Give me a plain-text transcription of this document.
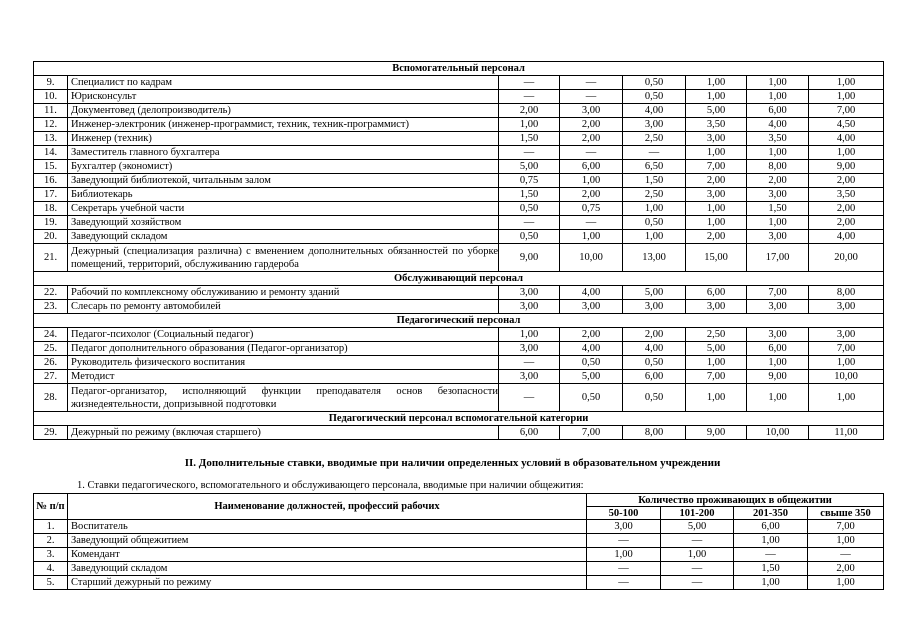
Вспомогательный персонал							
9.	Специалист по кадрам	—	—	0,50	1,00	1,00	1,00
10.	Юрисконсульт	—	—	0,50	1,00	1,00	1,00
11.	Документовед (делопроизводитель)	2,00	3,00	4,00	5,00	6,00	7,00
12.	Инженер-электроник (инженер-программист, техник, техник-программист)	1,00	2,00	3,00	3,50	4,00	4,50
13.	Инженер (техник)	1,50	2,00	2,50	3,00	3,50	4,00
14.	Заместитель главного бухгалтера	—	—	—	1,00	1,00	1,00
15.	Бухгалтер (экономист)	5,00	6,00	6,50	7,00	8,00	9,00
16.	Заведующий библиотекой, читальным залом	0,75	1,00	1,50	2,00	2,00	2,00
17.	Библиотекарь	1,50	2,00	2,50	3,00	3,00	3,50
18.	Секретарь учебной части	0,50	0,75	1,00	1,00	1,50	2,00
19.	Заведующий хозяйством	—	—	0,50	1,00	1,00	2,00
20.	Заведующий складом	0,50	1,00	1,00	2,00	3,00	4,00
21.	Дежурный (специализация различна) с вменением дополнительных обязанностей по уборке помещений, территорий, обслуживанию гардероба	9,00	10,00	13,00	15,00	17,00	20,00
Обслуживающий персонал							
22.	Рабочий по комплексному обслуживанию и ремонту зданий	3,00	4,00	5,00	6,00	7,00	8,00
23.	Слесарь по ремонту автомобилей	3,00	3,00	3,00	3,00	3,00	3,00
Педагогический персонал							
24.	Педагог-психолог (Социальный педагог)	1,00	2,00	2,00	2,50	3,00	3,00
25.	Педагог дополнительного образования (Педагог-организатор)	3,00	4,00	4,00	5,00	6,00	7,00
26.	Руководитель физического воспитания	—	0,50	0,50	1,00	1,00	1,00
27.	Методист	3,00	5,00	6,00	7,00	9,00	10,00
28.	Педагог-организатор, исполняющий функции преподавателя основ безопасности жизнедеятельности, допризывной подготовки	—	0,50	0,50	1,00	1,00	1,00
Педагогический персонал вспомогательной категории							
29.	Дежурный по режиму (включая старшего)	6,00	7,00	8,00	9,00	10,00	11,00
II. Дополнительные ставки, вводимые при наличии определенных условий в образовательном учреждении
1. Ставки педагогического, вспомогательного и обслуживающего персонала, вводимые при наличии общежития:
№ п/п	Наименование должностей, профессий рабочих	Количество проживающих в общежитии			
		50-100	101-200	201-350	свыше 350
1.	Воспитатель	3,00	5,00	6,00	7,00
2.	Заведующий общежитием	—	—	1,00	1,00
3.	Комендант	1,00	1,00	—	—
4.	Заведующий складом	—	—	1,50	2,00
5.	Старший дежурный по режиму	—	—	1,00	1,00
